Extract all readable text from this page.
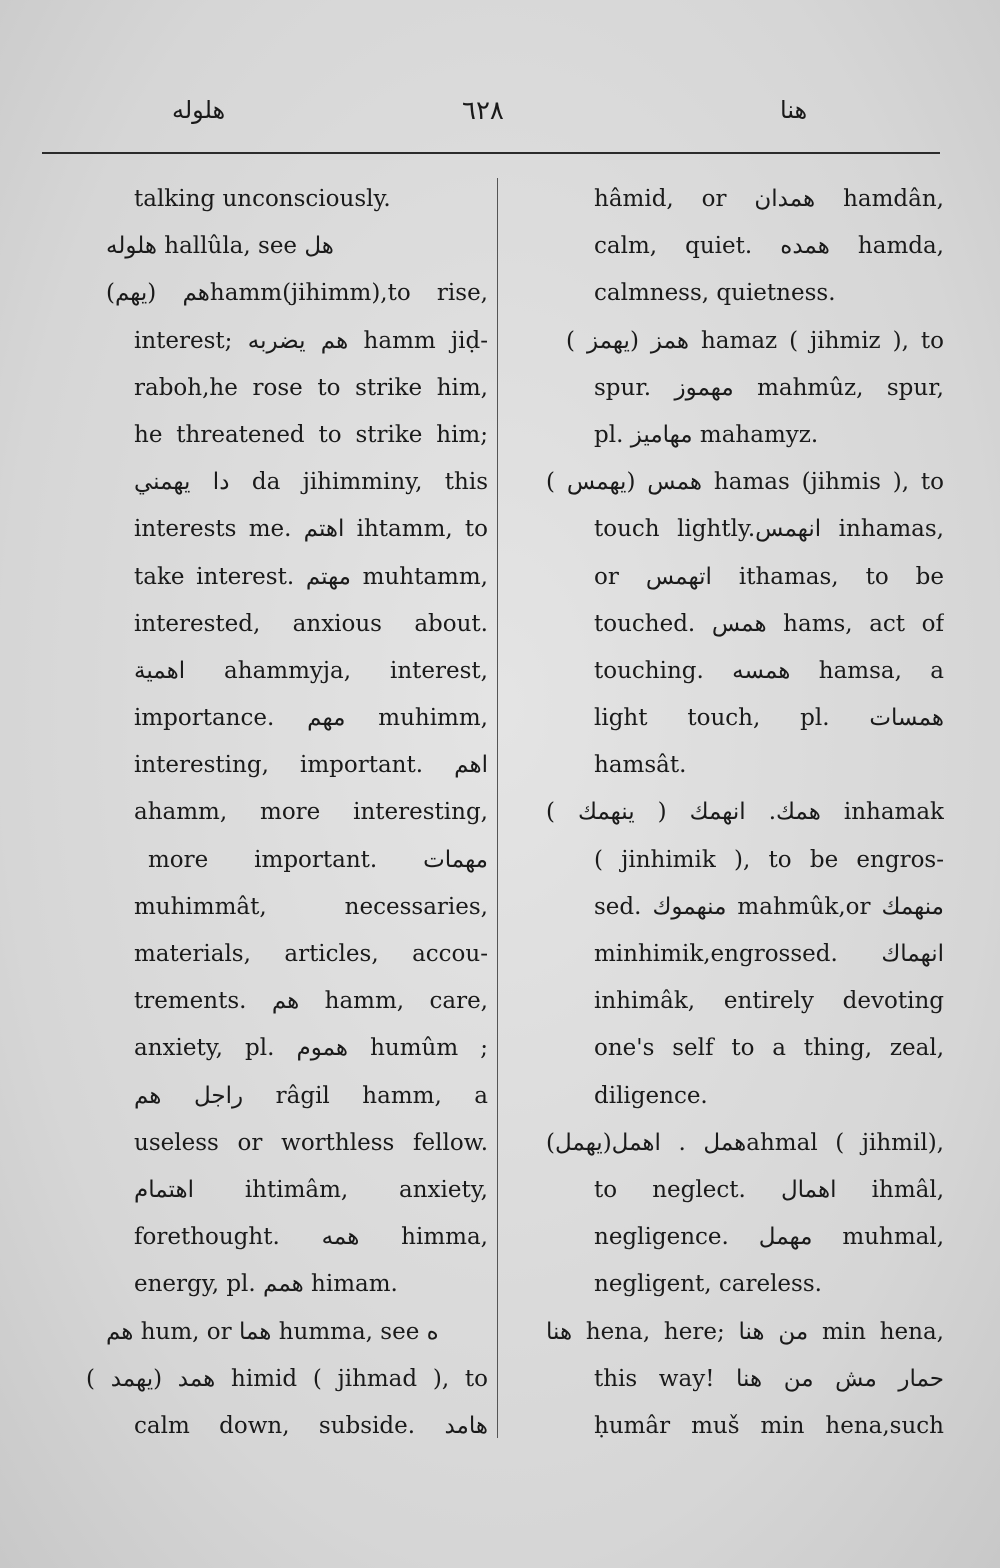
هلوله	٦٢٨	هنا
talking unconsciously.
هلوله hallûla, see هل
هم (يهم)hamm(jihimm),to rise,
interest; هم يضربه hamm jiḍ-
raboh,he rose to strike him,
he threatened to strike him;
دا يهمني da jihimminy, this
interests me. اهتم ihtamm, to
take interest. مهتم muhtamm,
interested, anxious about.
اهمية ahammyja, interest,
importance. مهم muhimm,
interesting, important. اهم
ahamm, more interesting,
more important. مهمات
muhimmât, necessaries,
materials, articles, accou-
trements. هم hamm, care,
anxiety, pl. هموم humûm ;
راجل هم râgil hamm, a
useless or worthless fellow.
اهتمام ihtimâm, anxiety,
forethought. همه himma,
energy, pl. همم himam.
هم hum, or هما humma, see ه
همد (يهمد ) himid ( jihmad ), to
calm down, subside. هامد
hâmid, or همدان hamdân,
calm, quiet. همده hamda,
calmness, quietness.
همز (يهمز ) hamaz ( jihmiz ), to
spur. مهموز mahmûz, spur,
pl. مهاميز mahamyz.
همس (يهمس ) hamas (jihmis ), to
touch lightly.انهمس inhamas,
or اتهمس ithamas, to be
touched. همس hams, act of
touching. همسه hamsa, a
light touch, pl. همسات
hamsât.
همك. انهمك ( ينهمك ) inhamak
( jinhimik ), to be engros-
sed. منهموك mahmûk,or منهمك
minhimik,engrossed. انهماك
inhimâk, entirely devoting
one's self to a thing, zeal,
diligence.
همل . اهمل(يهمل)ahmal ( jihmil),
to neglect. اهمال ihmâl,
negligence. مهمل muhmal,
negligent, careless.
هنا hena, here; من هنا min hena,
this way! حمار مش من هنا
ḥumâr muš min hena,such
